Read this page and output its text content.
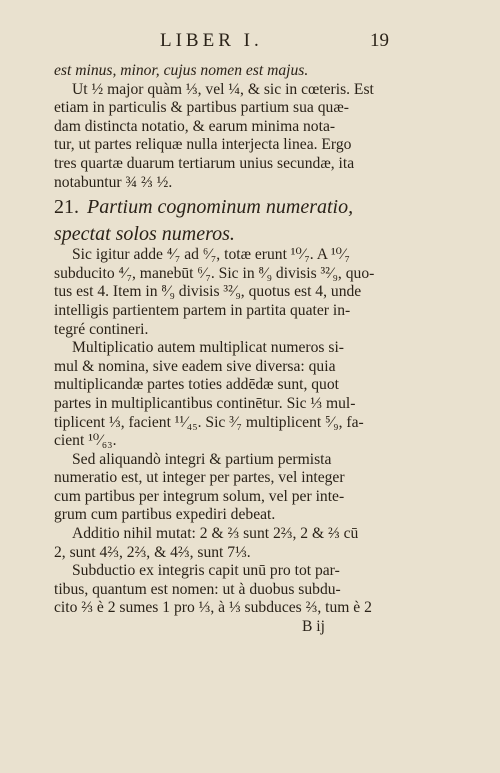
LIBER I.	19
est minus, minor, cujus nomen est majus.
Ut ½ major quàm ⅓, vel ¼, & sic in cœteris. Est
etiam in particulis & partibus partium sua quæ-
dam distincta notatio, & earum minima nota-
tur, ut partes reliquæ nulla interjecta linea. Ergo
tres quartæ duarum tertiarum unius secundæ, ita
notabuntur ¾ ⅔ ½.
21. Partium cognominum numeratio,
spectat solos numeros.
Sic igitur adde ⁴⁄₇ ad ⁶⁄₇, totæ erunt ¹⁰⁄₇. A ¹⁰⁄₇
subducito ⁴⁄₇, manebūt ⁶⁄₇. Sic in ⁸⁄₉ divisis ³²⁄₉, quo-
tus est 4. Item in ⁸⁄₉ divisis ³²⁄₉, quotus est 4, unde
intelligis partientem partem in partita quater in-
tegré contineri.
Multiplicatio autem multiplicat numeros si-
mul & nomina, sive eadem sive diversa: quia
multiplicandæ partes toties addēdæ sunt, quot
partes in multiplicantibus continētur. Sic ⅓ mul-
tiplicent ⅓, facient ¹¹⁄₄₅. Sic ³⁄₇ multiplicent ⁵⁄₉, fa-
cient ¹⁰⁄₆₃.
Sed aliquandò integri & partium permista
numeratio est, ut integer per partes, vel integer
cum partibus per integrum solum, vel per inte-
grum cum partibus expediri debeat.
Additio nihil mutat: 2 & ⅔ sunt 2⅔, 2 & ⅔ cū
2, sunt 4⅔, 2⅔, & 4⅔, sunt 7⅓.
Subductio ex integris capit unū pro tot par-
tibus, quantum est nomen: ut à duobus subdu-
cito ⅔ è 2 sumes 1 pro ⅓, à ⅓ subduces ⅔, tum è 2
B ij
